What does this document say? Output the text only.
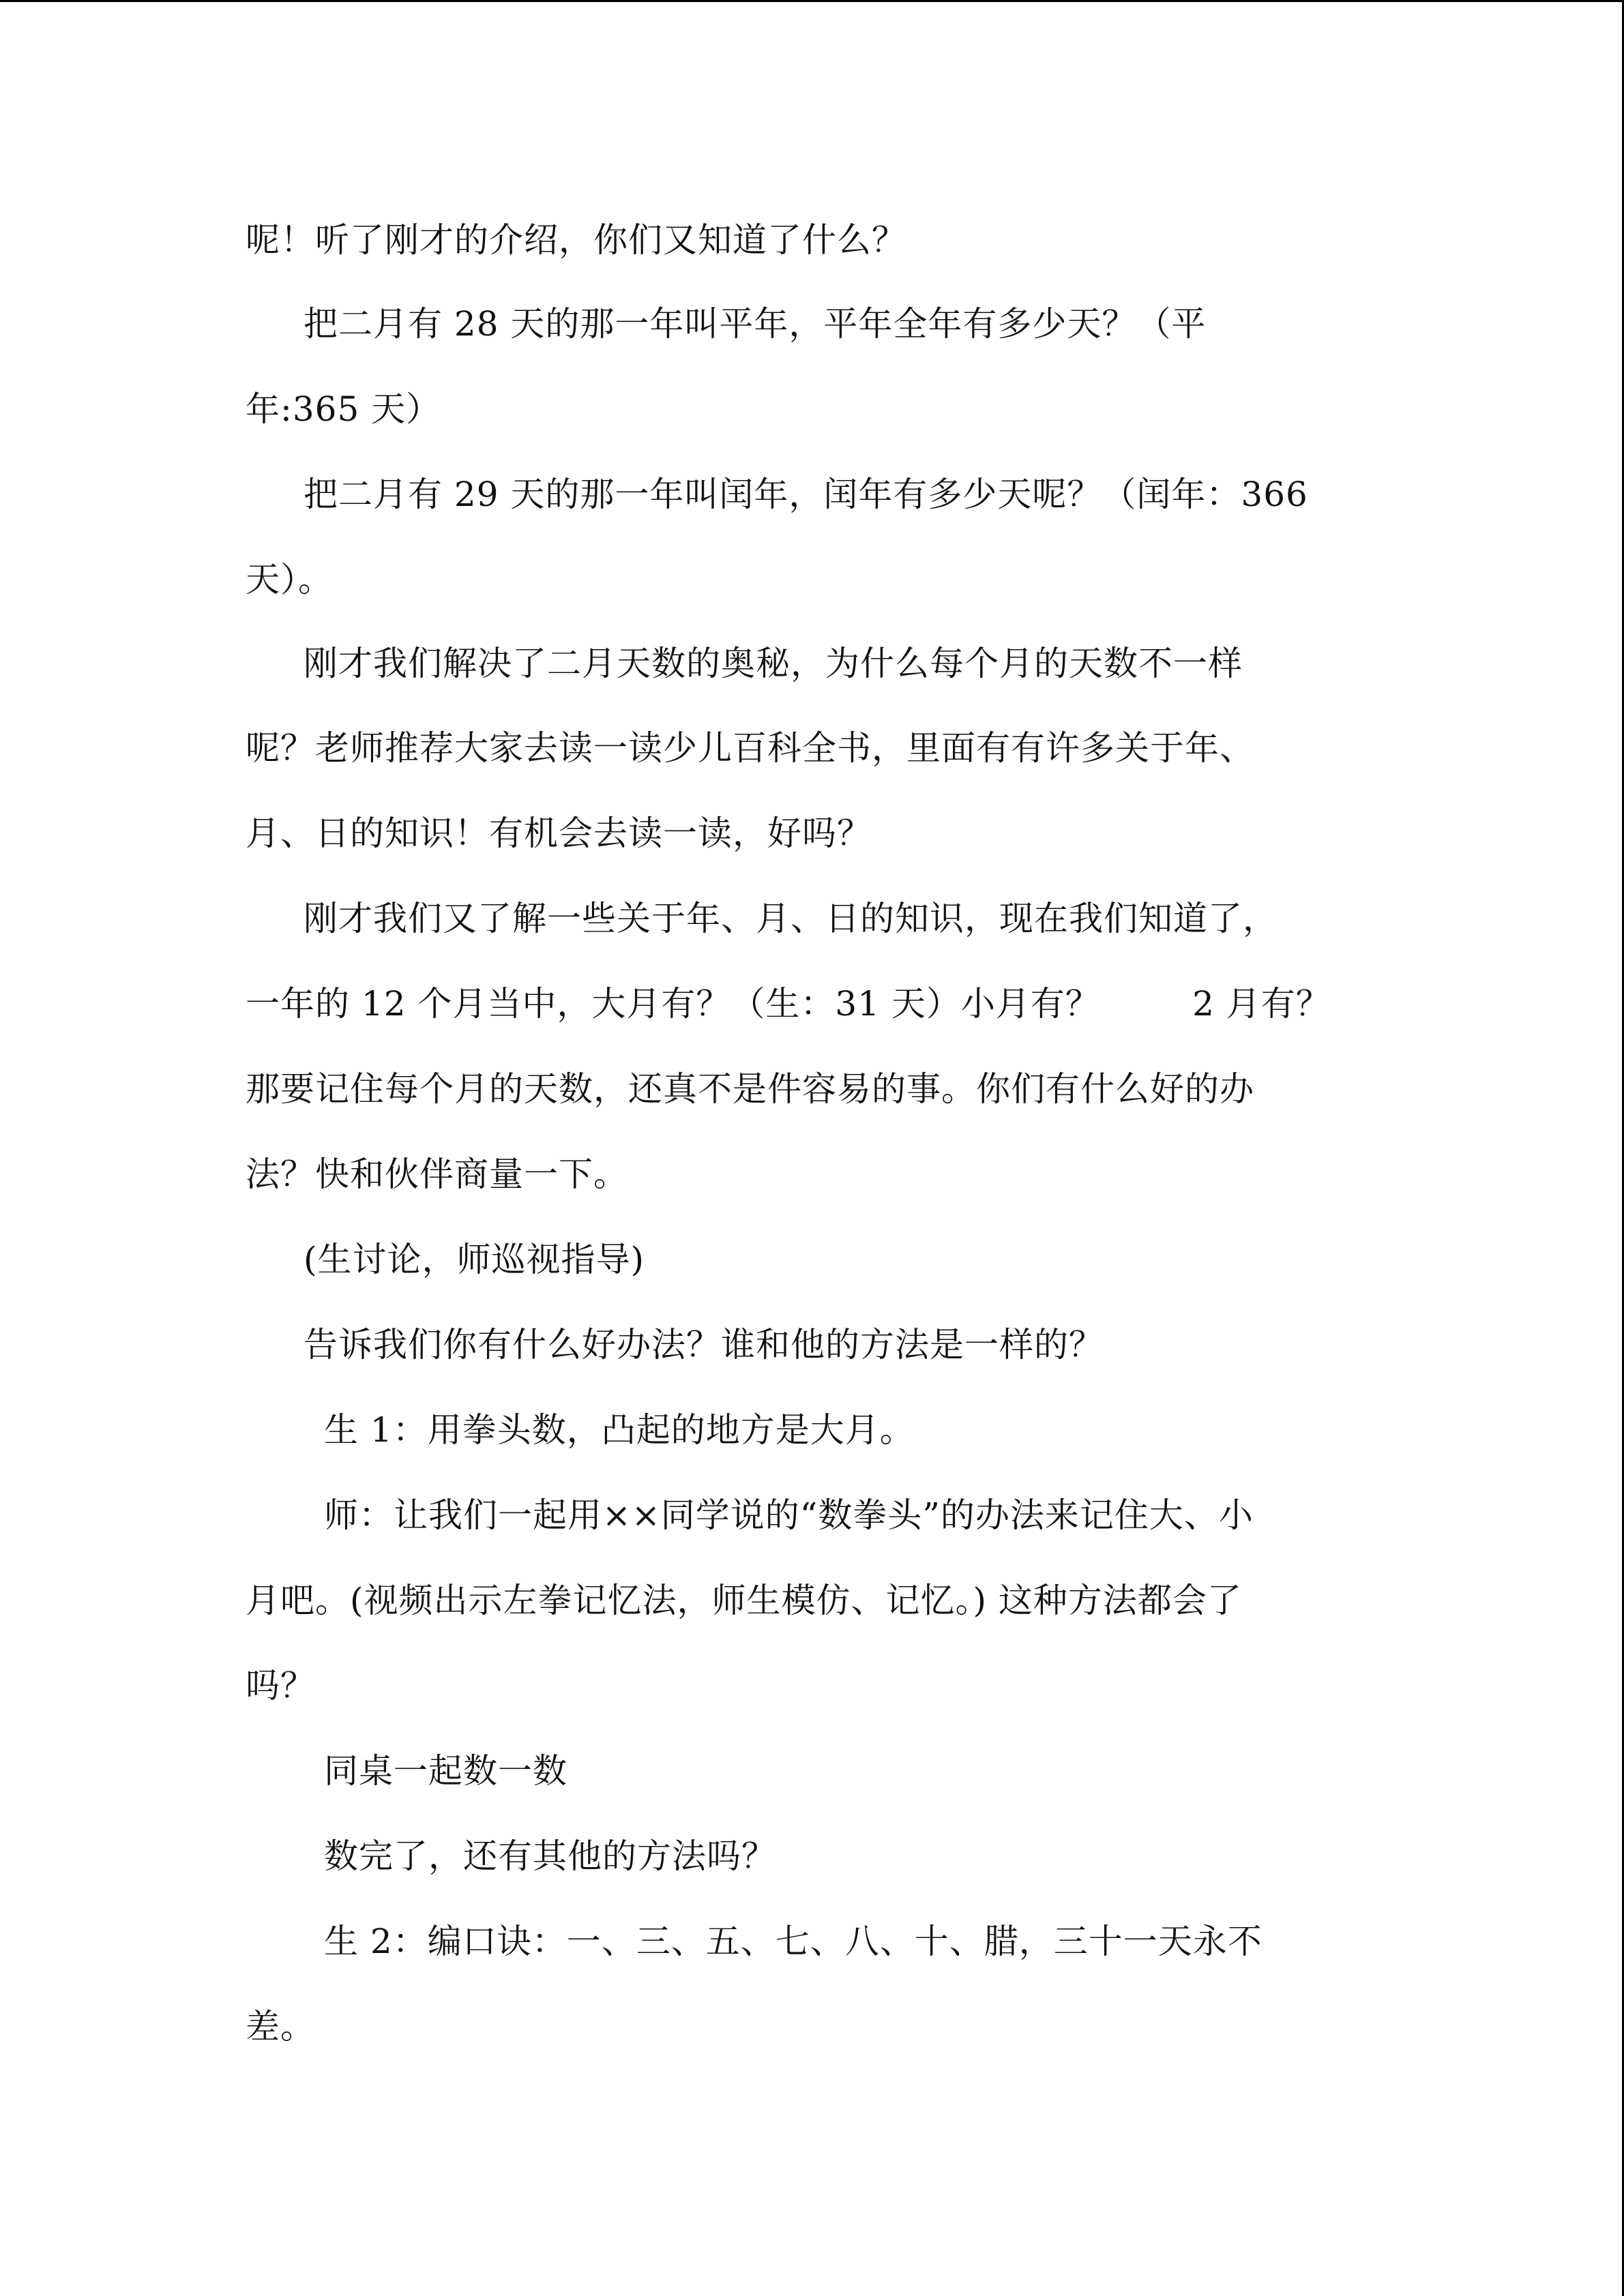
呢！听了刚才的介绍，你们又知道了什么？
把二月有 28 天的那一年叫平年，平年全年有多少天？（平
年:365 天）
把二月有 29 天的那一年叫闰年，闰年有多少天呢？（闰年：366
天）。
刚才我们解决了二月天数的奥秘，为什么每个月的天数不一样
呢？老师推荐大家去读一读少儿百科全书，里面有有许多关于年、
月、日的知识！有机会去读一读，好吗？
刚才我们又了解一些关于年、月、日的知识，现在我们知道了，
一年的 12 个月当中，大月有？（生：31 天）小月有？        2 月有？
那要记住每个月的天数，还真不是件容易的事。你们有什么好的办
法？快和伙伴商量一下。
(生讨论，师巡视指导)
告诉我们你有什么好办法？谁和他的方法是一样的？
生 1：用拳头数，凸起的地方是大月。
师：让我们一起用××同学说的“数拳头”的办法来记住大、小
月吧。(视频出示左拳记忆法，师生模仿、记忆。) 这种方法都会了
吗？
同桌一起数一数
数完了，还有其他的方法吗？
生 2：编口诀：一、三、五、七、八、十、腊，三十一天永不
差。
